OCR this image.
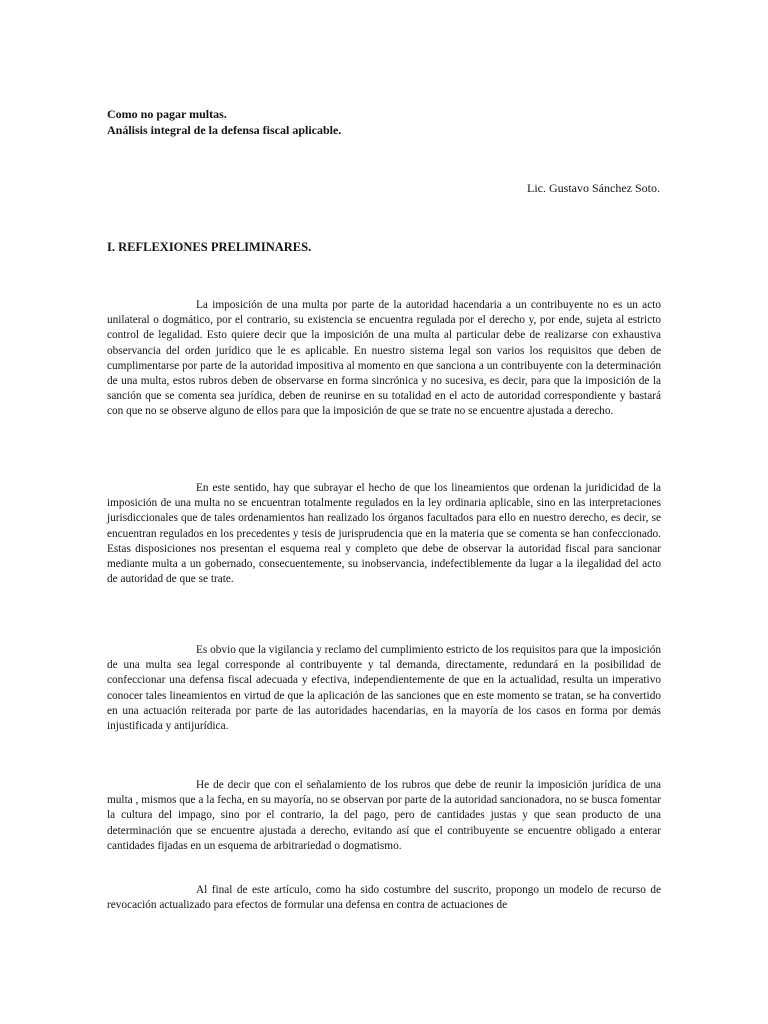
Como no pagar multas.
Análisis integral de la defensa fiscal aplicable.
Lic. Gustavo Sánchez Soto.
I. REFLEXIONES PRELIMINARES.

La imposición de una multa por parte de la autoridad hacendaria a un contribuyente no es un acto unilateral o dogmático, por el contrario, su existencia se encuentra regulada por el derecho y, por ende, sujeta al estricto control de legalidad. Esto quiere decir que la imposición de una multa al particular debe de realizarse con exhaustiva observancia del orden jurídico que le es aplicable. En nuestro sistema legal son varios los requisitos que deben de cumplimentarse por parte de la autoridad impositiva al momento en que sanciona a un contribuyente con la determinación de una multa, estos rubros deben de observarse en forma sincrónica y no sucesiva, es decir, para que la imposición de la sanción que se comenta sea jurídica, deben de reunirse en su totalidad en el acto de autoridad correspondiente y bastará con que no se observe alguno de ellos para que la imposición de que se trate no se encuentre ajustada a derecho.

En este sentido, hay que subrayar el hecho de que los lineamientos que ordenan la juridicidad de la imposición de una multa no se encuentran totalmente regulados en la ley ordinaria aplicable, sino en las interpretaciones jurisdiccionales que de tales ordenamientos han realizado los órganos facultados para ello en nuestro derecho, es decir, se encuentran regulados en los precedentes y tesis de jurisprudencia que en la materia que se comenta se han confeccionado. Estas disposiciones nos presentan el esquema real y completo que debe de observar la autoridad fiscal para sancionar mediante multa a un gobernado, consecuentemente, su inobservancia, indefectiblemente da lugar a la ilegalidad del acto de autoridad de que se trate.

Es obvio que la vigilancia y reclamo del cumplimiento estricto de los requisitos para que la imposición de una multa sea legal corresponde al contribuyente y tal demanda, directamente, redundará en la posibilidad de confeccionar una defensa fiscal adecuada y efectiva, independientemente de que en la actualidad, resulta un imperativo conocer tales lineamientos en virtud de que la aplicación de las sanciones que en este momento se tratan, se ha convertido en una actuación reiterada por parte de las autoridades hacendarias, en la mayoría de los casos en forma por demás injustificada y antijurídica.

He de decir que con el señalamiento de los rubros que debe de reunir la imposición jurídica de una multa , mismos que a la fecha, en su mayoría, no se observan por parte de la autoridad sancionadora, no se busca fomentar la cultura del impago, sino por el contrario, la del pago, pero de cantidades justas y que sean producto de una determinación que se encuentre ajustada a derecho, evitando así que el contribuyente se encuentre obligado a enterar cantidades fijadas en un esquema de arbitrariedad o dogmatismo.

Al final de este artículo, como ha sido costumbre del suscrito, propongo un modelo de recurso de revocación actualizado para efectos de formular una defensa en contra de actuaciones de
